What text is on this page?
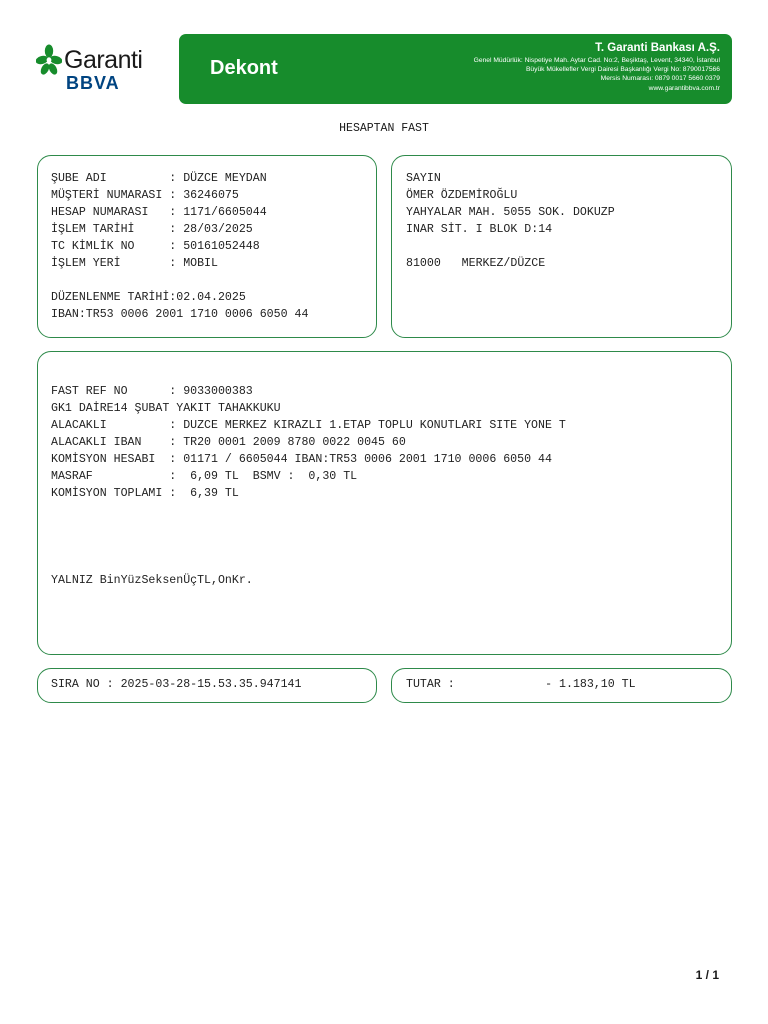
Garanti
BBVA
Dekont
T. Garanti Bankası A.Ş.
Genel Müdürlük: Nispetiye Mah. Aytar Cad. No:2, Beşiktaş, Levent, 34340, İstanbul
Büyük Mükellefler Vergi Dairesi Başkanlığı Vergi No: 8790017566
Mersis Numarası: 0879 0017 5660 0379
www.garantibbva.com.tr
HESAPTAN FAST
ŞUBE ADI         : DÜZCE MEYDAN
MÜŞTERİ NUMARASI : 36246075
HESAP NUMARASI   : 1171/6605044
İŞLEM TARİHİ     : 28/03/2025
TC KİMLİK NO     : 50161052448
İŞLEM YERİ       : MOBIL

DÜZENLENME TARİHİ:02.04.2025
IBAN:TR53 0006 2001 1710 0006 6050 44
SAYIN
ÖMER ÖZDEMİROĞLU
YAHYALAR MAH. 5055 SOK. DOKUZP
INAR SİT. I BLOK D:14

81000   MERKEZ/DÜZCE
FAST REF NO      : 9033000383
GK1 DAİRE14 ŞUBAT YAKIT TAHAKKUKU
ALACAKLI         : DUZCE MERKEZ KIRAZLI 1.ETAP TOPLU KONUTLARI SITE YONE T
ALACAKLI IBAN    : TR20 0001 2009 8780 0022 0045 60
KOMİSYON HESABI  : 01171 / 6605044 IBAN:TR53 0006 2001 1710 0006 6050 44
MASRAF           :  6,09 TL  BSMV :  0,30 TL
KOMİSYON TOPLAMI :  6,39 TL
YALNIZ BinYüzSeksenÜçTL,OnKr.
SIRA NO : 2025-03-28-15.53.35.947141	TUTAR :             - 1.183,10 TL
1 / 1
